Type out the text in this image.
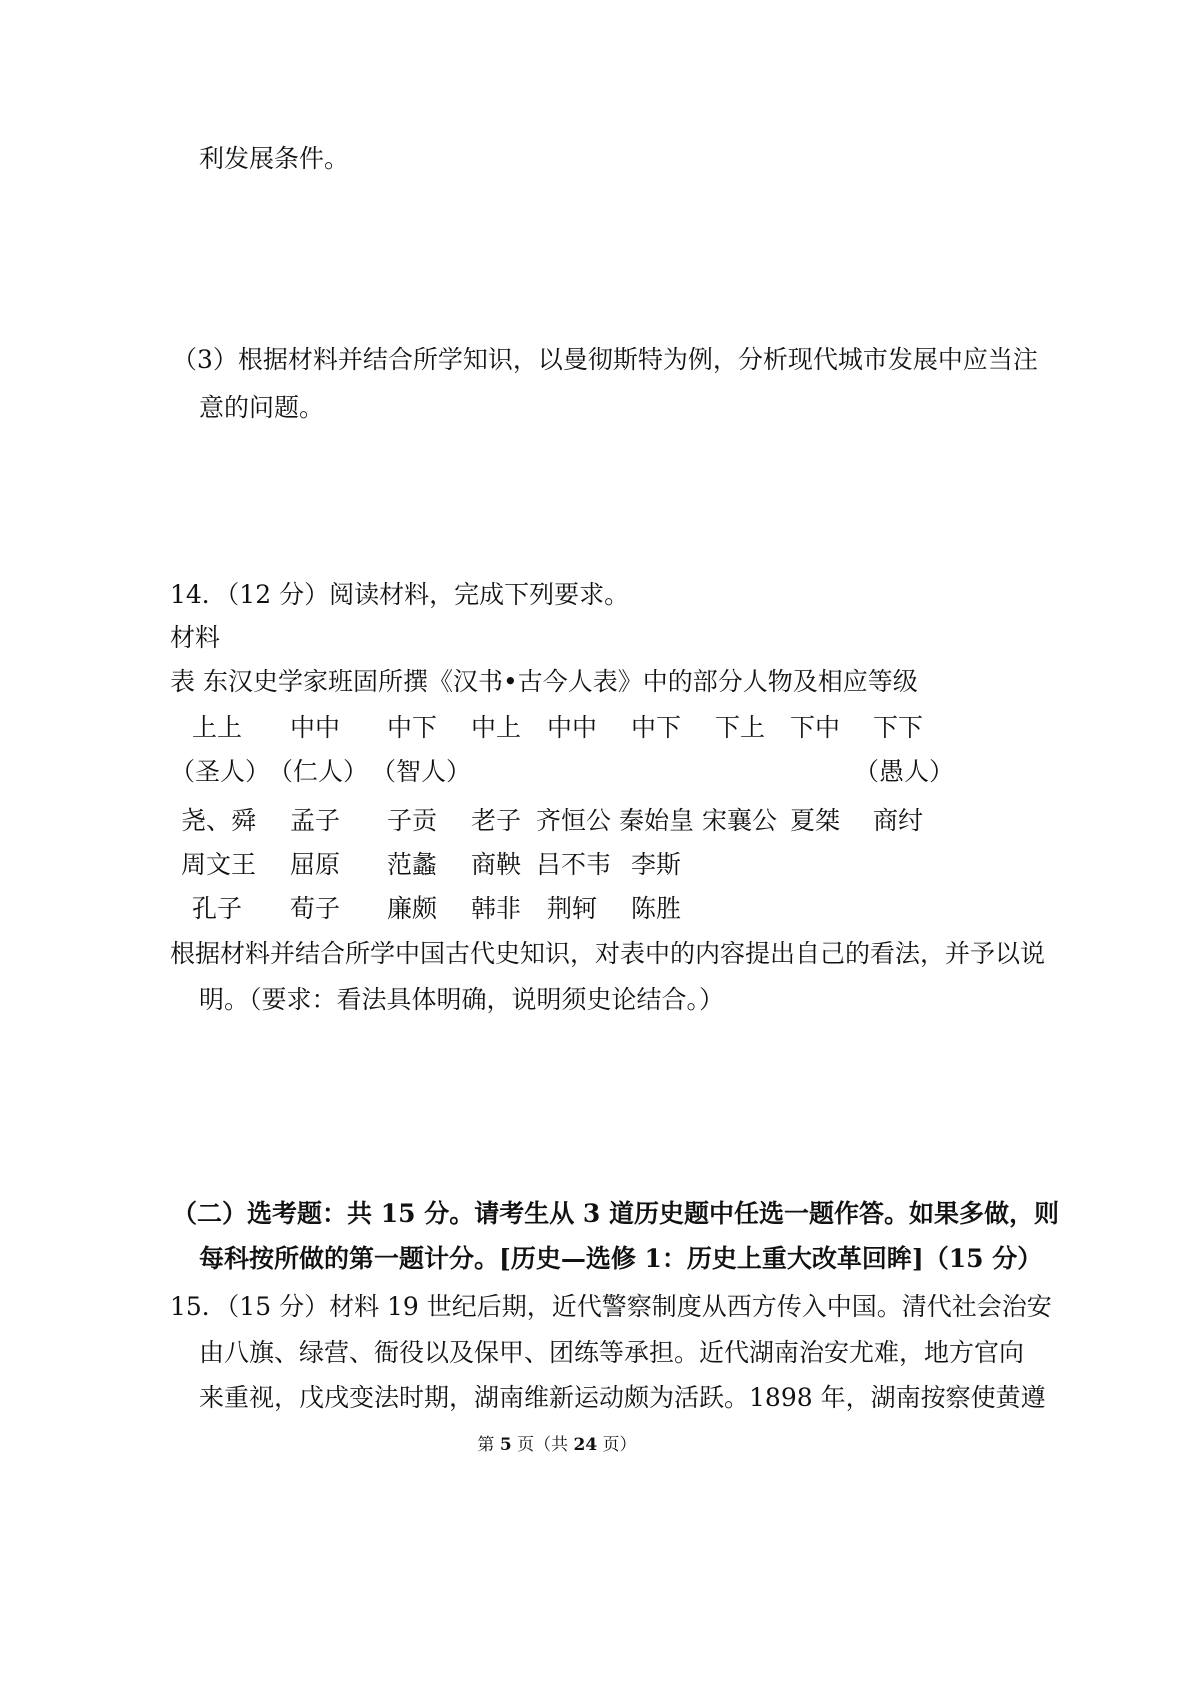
利发展条件。
（3）根据材料并结合所学知识，以曼彻斯特为例，分析现代城市发展中应当注
意的问题。
14．（12 分）阅读材料，完成下列要求。
材料
表 东汉史学家班固所撰《汉书•古今人表》中的部分人物及相应等级
上上 中中 中下 中上 中中 中下 下上 下中 下下
（圣人）
（仁人） （智人）	（愚人）
尧、舜 孟子 子贡 老子 齐恒公 秦始皇 宋襄公 夏桀 商纣
周文王 屈原 范蠡 商鞅 吕不韦 李斯
孔子 荀子 廉颇 韩非 荆轲 陈胜
根据材料并结合所学中国古代史知识，对表中的内容提出自己的看法，并予以说
明。（要求：看法具体明确，说明须史论结合。）
（二）选考题：共 15 分。请考生从 3 道历史题中任选一题作答。如果多做，则
每科按所做的第一题计分。[历史—选修 1：历史上重大改革回眸]（15 分）
15．（15 分）材料 19 世纪后期，近代警察制度从西方传入中国。清代社会治安
由八旗、绿营、衙役以及保甲、团练等承担。近代湖南治安尤难，地方官向
来重视，戊戌变法时期，湖南维新运动颇为活跃。1898 年，湖南按察使黄遵
第 5 页（共 24 页）
